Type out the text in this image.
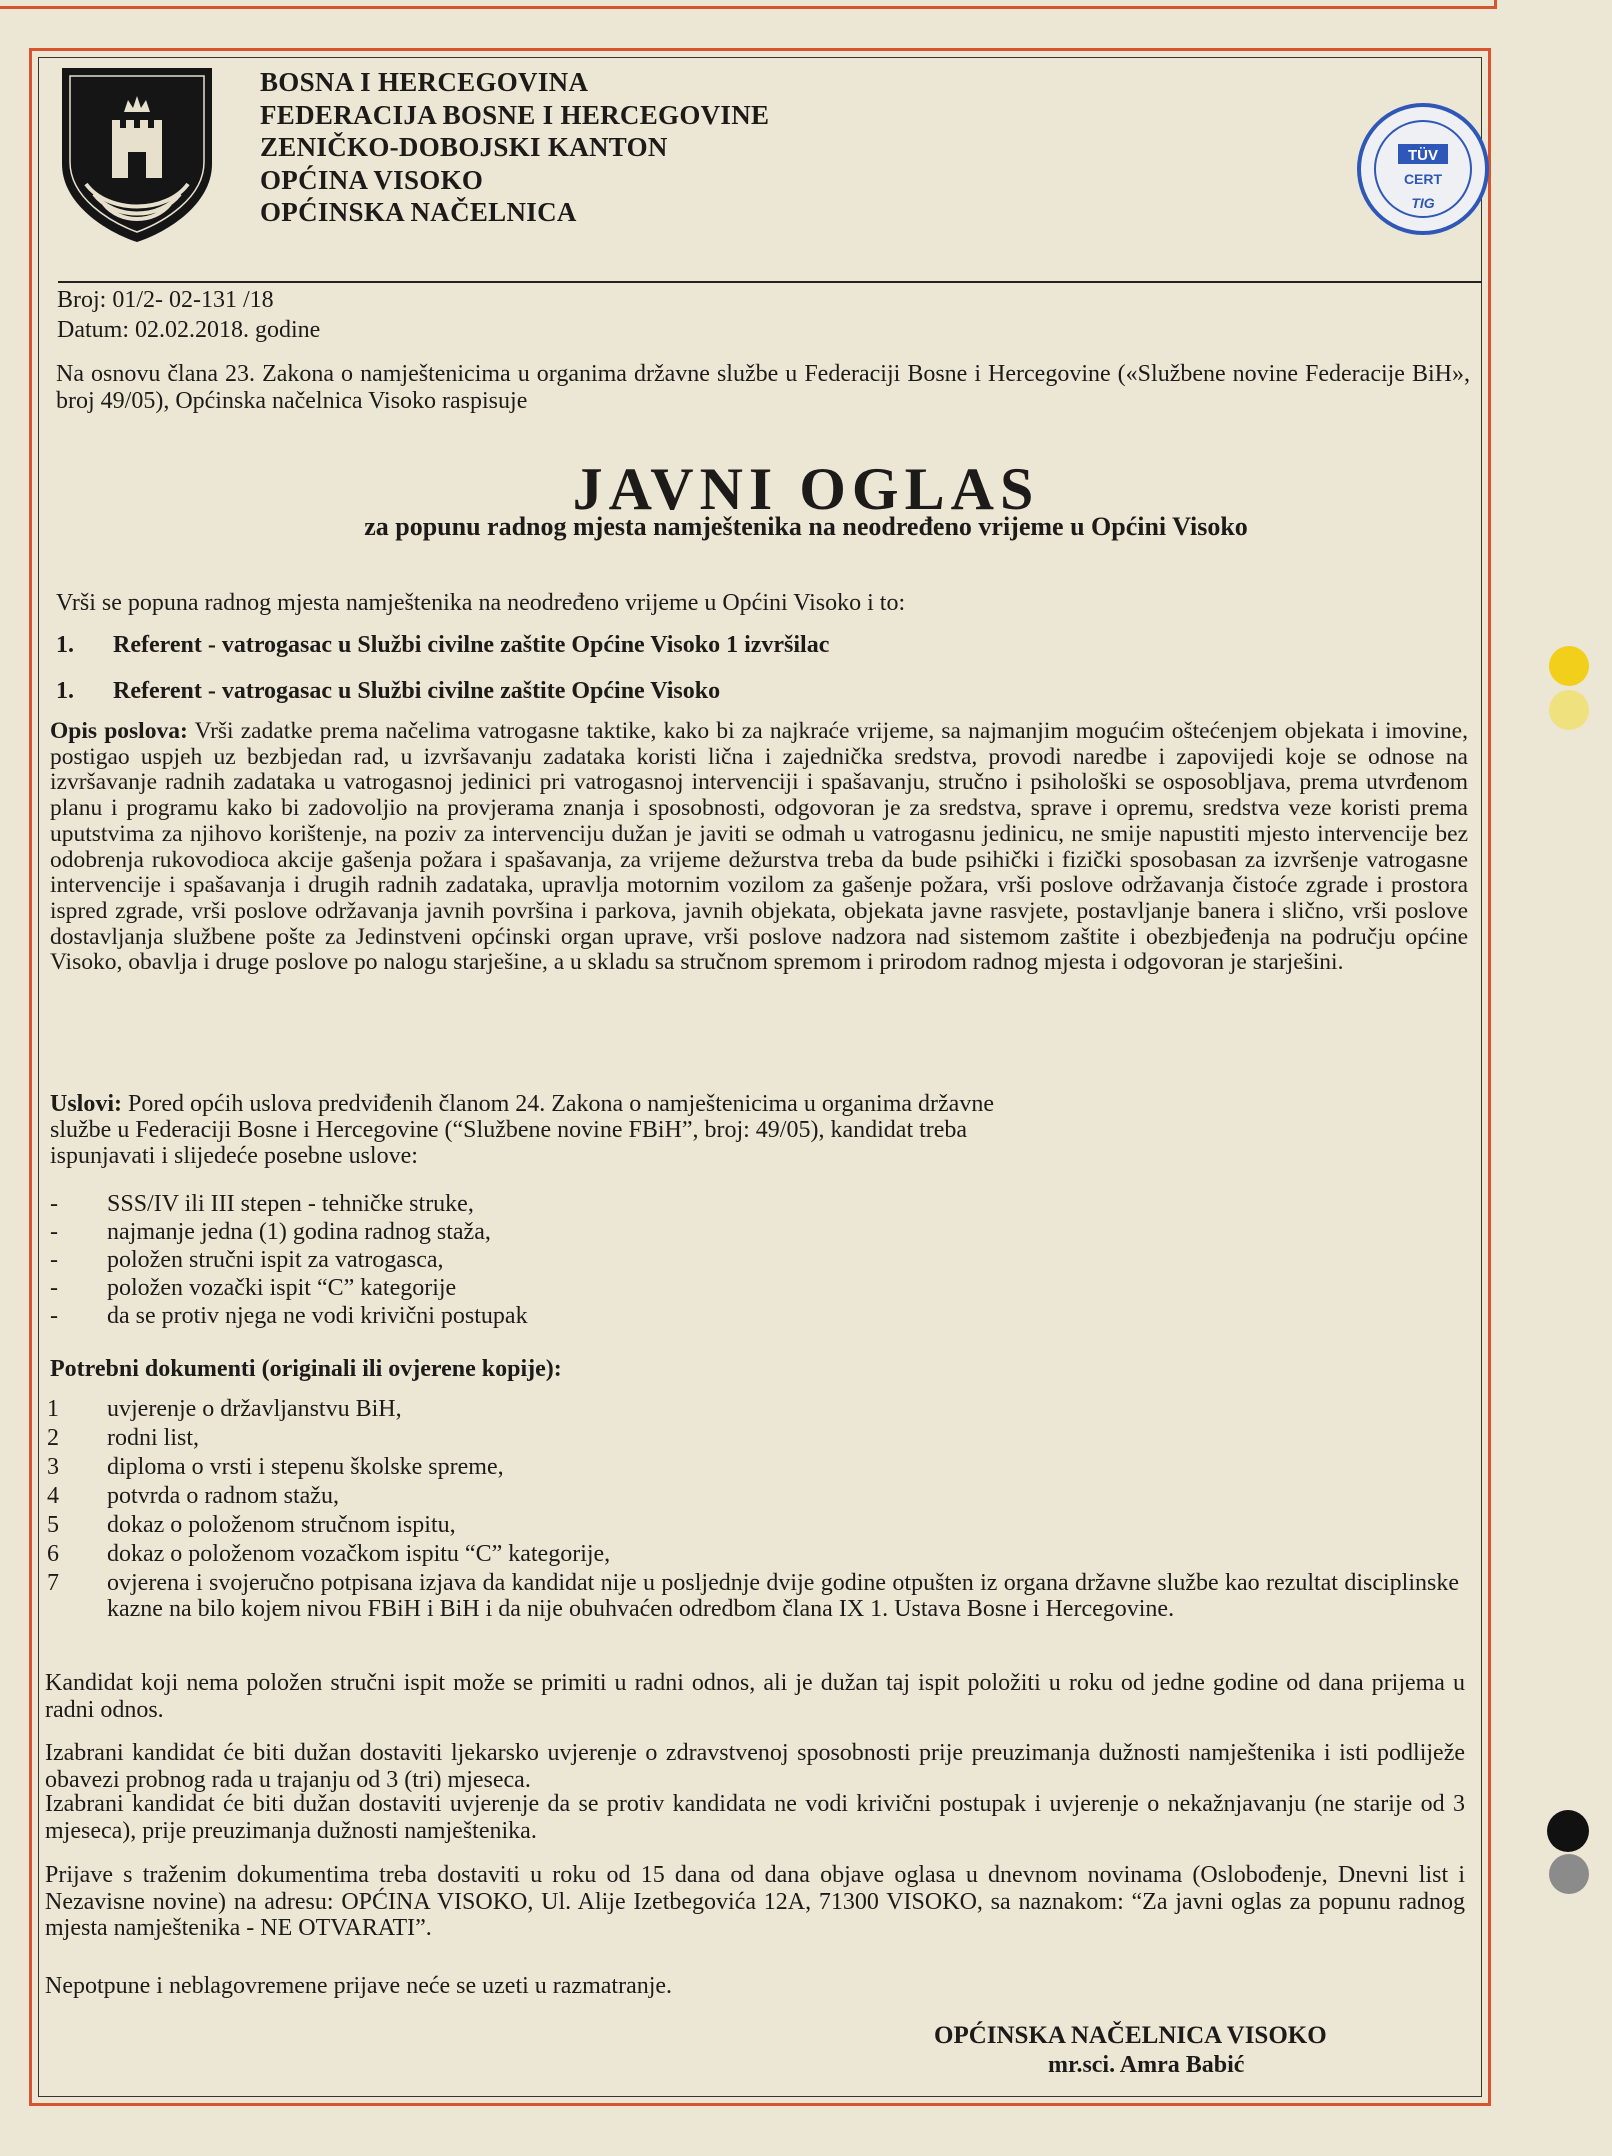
BOSNA I HERCEGOVINA
FEDERACIJA BOSNE I HERCEGOVINE
ZENIČKO-DOBOJSKI KANTON
OPĆINA VISOKO
OPĆINSKA NAČELNICA
TÜV
CERT
TIG
Broj: 01/2- 02-131 /18
Datum: 02.02.2018. godine
Na osnovu člana 23. Zakona o namještenicima u organima državne službe u Federaciji Bosne i Hercegovine («Službene novine Federacije BiH», broj 49/05), Općinska načelnica Visoko raspisuje
JAVNI OGLAS
za popunu radnog mjesta namještenika na neodređeno vrijeme u Općini Visoko
Vrši se popuna radnog mjesta namještenika na neodređeno vrijeme u Općini Visoko i to:
1. Referent - vatrogasac u Službi civilne zaštite Općine Visoko 1 izvršilac
1. Referent - vatrogasac u Službi civilne zaštite Općine Visoko
Opis poslova: Vrši zadatke prema načelima vatrogasne taktike, kako bi za najkraće vrijeme, sa najmanjim mogućim oštećenjem objekata i imovine, postigao uspjeh uz bezbjedan rad, u izvršavanju zadataka koristi lična i zajednička sredstva, provodi naredbe i zapovijedi koje se odnose na izvršavanje radnih zadataka u vatrogasnoj jedinici pri vatrogasnoj intervenciji i spašavanju, stručno i psihološki se osposobljava, prema utvrđenom planu i programu kako bi zadovoljio na provjerama znanja i sposobnosti, odgovoran je za sredstva, sprave i opremu, sredstva veze koristi prema uputstvima za njihovo korištenje, na poziv za intervenciju dužan je javiti se odmah u vatrogasnu jedinicu, ne smije napustiti mjesto intervencije bez odobrenja rukovodioca akcije gašenja požara i spašavanja, za vrijeme dežurstva treba da bude psihički i fizički sposobasan za izvršenje vatrogasne intervencije i spašavanja i drugih radnih zadataka, upravlja motornim vozilom za gašenje požara, vrši poslove održavanja čistoće zgrade i prostora ispred zgrade, vrši poslove održavanja javnih površina i parkova, javnih objekata, objekata javne rasvjete, postavljanje banera i slično, vrši poslove dostavljanja službene pošte za Jedinstveni općinski organ uprave, vrši poslove nadzora nad sistemom zaštite i obezbjeđenja na području općine Visoko, obavlja i druge poslove po nalogu starješine, a u skladu sa stručnom spremom i prirodom radnog mjesta i odgovoran je starješini.
Uslovi: Pored općih uslova predviđenih članom 24. Zakona o namještenicima u organima državne
službe u Federaciji Bosne i Hercegovine (“Službene novine FBiH”, broj: 49/05), kandidat treba
ispunjavati i slijedeće posebne uslove:
- SSS/IV ili III stepen - tehničke struke,
- najmanje jedna (1) godina radnog staža,
- položen stručni ispit za vatrogasca,
- položen vozački ispit “C” kategorije
- da se protiv njega ne vodi krivični postupak
Potrebni dokumenti (originali ili ovjerene kopije):
1 uvjerenje o državljanstvu BiH,
2 rodni list,
3 diploma o vrsti i stepenu školske spreme,
4 potvrda o radnom stažu,
5 dokaz o položenom stručnom ispitu,
6 dokaz o položenom vozačkom ispitu “C” kategorije,
7 ovjerena i svojeručno potpisana izjava da kandidat nije u posljednje dvije godine otpušten iz organa državne službe kao rezultat disciplinske kazne na bilo kojem nivou FBiH i BiH i da nije obuhvaćen odredbom člana IX 1. Ustava Bosne i Hercegovine.
Kandidat koji nema položen stručni ispit može se primiti u radni odnos, ali je dužan taj ispit položiti u roku od jedne godine od dana prijema u radni odnos.
Izabrani kandidat će biti dužan dostaviti ljekarsko uvjerenje o zdravstvenoj sposobnosti prije preuzimanja dužnosti namještenika i isti podliježe obavezi probnog rada u trajanju od 3 (tri) mjeseca.
Izabrani kandidat će biti dužan dostaviti uvjerenje da se protiv kandidata ne vodi krivični postupak i uvjerenje o nekažnjavanju (ne starije od 3 mjeseca), prije preuzimanja dužnosti namještenika.
Prijave s traženim dokumentima treba dostaviti u roku od 15 dana od dana objave oglasa u dnevnom novinama (Oslobođenje, Dnevni list i Nezavisne novine) na adresu: OPĆINA VISOKO, Ul. Alije Izetbegovića 12A, 71300 VISOKO, sa naznakom: “Za javni oglas za popunu radnog mjesta namještenika - NE OTVARATI”.
Nepotpune i neblagovremene prijave neće se uzeti u razmatranje.
OPĆINSKA NAČELNICA VISOKO
mr.sci. Amra Babić
